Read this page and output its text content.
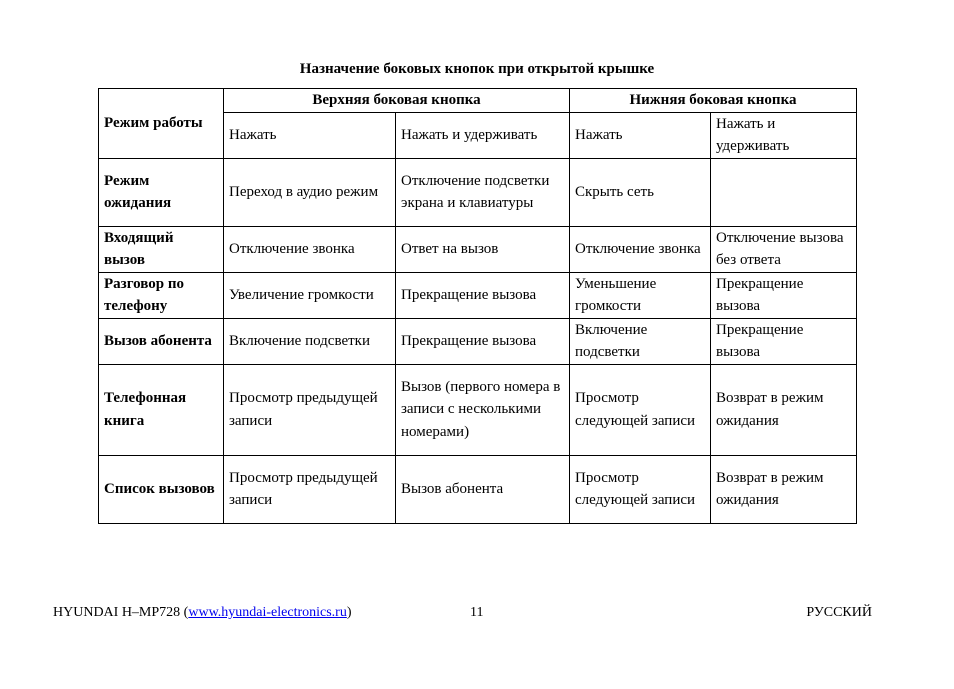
Назначение боковых кнопок при открытой крышке
Режим работы	Верхняя боковая кнопка		Нижняя боковая кнопка	
	Нажать	Нажать и удерживать	Нажать	Нажать и удерживать
Режим ожидания	Переход в аудио режим	Отключение подсветки экрана и клавиатуры	Скрыть сеть	
Входящий вызов	Отключение звонка	Ответ на вызов	Отключение звонка	Отключение вызова без ответа
Разговор по телефону	Увеличение громкости	Прекращение вызова	Уменьшение громкости	Прекращение вызова
Вызов абонента	Включение подсветки	Прекращение вызова	Включение подсветки	Прекращение вызова
Телефонная книга	Просмотр предыдущей записи	Вызов (первого номера в записи с несколькими номерами)	Просмотр следующей записи	Возврат в режим ожидания
Список вызовов	Просмотр предыдущей записи	Вызов абонента	Просмотр следующей записи	Возврат в режим ожидания
HYUNDAI H–MP728 (www.hyundai-electronics.ru)	11	РУССКИЙ
